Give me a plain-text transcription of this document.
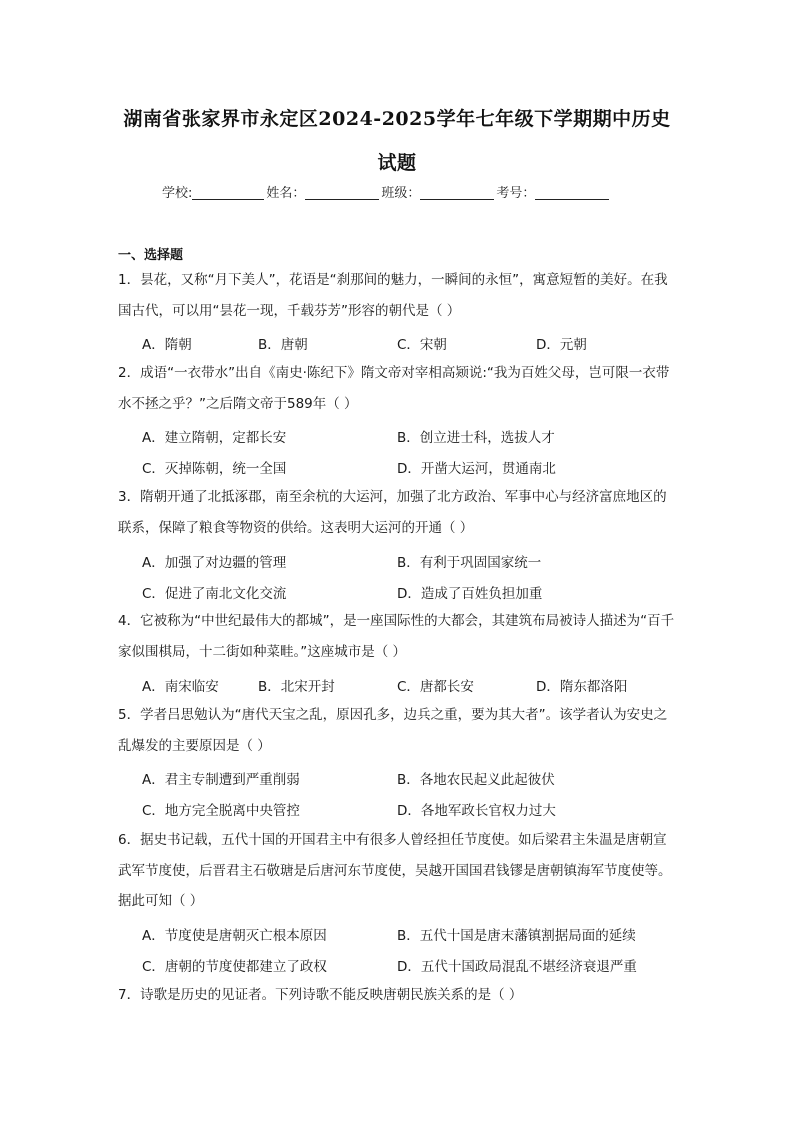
湖南省张家界市永定区2024-2025学年七年级下学期期中历史
试题
学校:	姓名：	班级：	考号：
一、选择题
1．昙花，又称“月下美人”，花语是“刹那间的魅力，一瞬间的永恒”，寓意短暂的美好。在我国古代，可以用“昙花一现，千载芬芳”形容的朝代是（ ）
A．隋朝	B．唐朝	C．宋朝	D．元朝
2．成语“一衣带水”出自《南史·陈纪下》隋文帝对宰相高颎说:“我为百姓父母，岂可限一衣带水不拯之乎？”之后隋文帝于589年（ ）
A．建立隋朝，定都长安	B．创立进士科，选拔人才
C．灭掉陈朝，统一全国	D．开凿大运河，贯通南北
3．隋朝开通了北抵涿郡，南至余杭的大运河，加强了北方政治、军事中心与经济富庶地区的联系，保障了粮食等物资的供给。这表明大运河的开通（ ）
A．加强了对边疆的管理	B．有利于巩固国家统一
C．促进了南北文化交流	D．造成了百姓负担加重
4．它被称为“中世纪最伟大的都城”，是一座国际性的大都会，其建筑布局被诗人描述为“百千家似围棋局，十二街如种菜畦。”这座城市是（ ）
A．南宋临安	B．北宋开封	C．唐都长安	D．隋东都洛阳
5．学者吕思勉认为“唐代天宝之乱，原因孔多，边兵之重，要为其大者”。该学者认为安史之乱爆发的主要原因是（ ）
A．君主专制遭到严重削弱	B．各地农民起义此起彼伏
C．地方完全脱离中央管控	D．各地军政长官权力过大
6．据史书记载，五代十国的开国君主中有很多人曾经担任节度使。如后梁君主朱温是唐朝宣武军节度使，后晋君主石敬瑭是后唐河东节度使，吴越开国国君钱镠是唐朝镇海军节度使等。据此可知（ ）
A．节度使是唐朝灭亡根本原因	B．五代十国是唐末藩镇割据局面的延续
C．唐朝的节度使都建立了政权	D．五代十国政局混乱不堪经济衰退严重
7．诗歌是历史的见证者。下列诗歌不能反映唐朝民族关系的是（ ）
